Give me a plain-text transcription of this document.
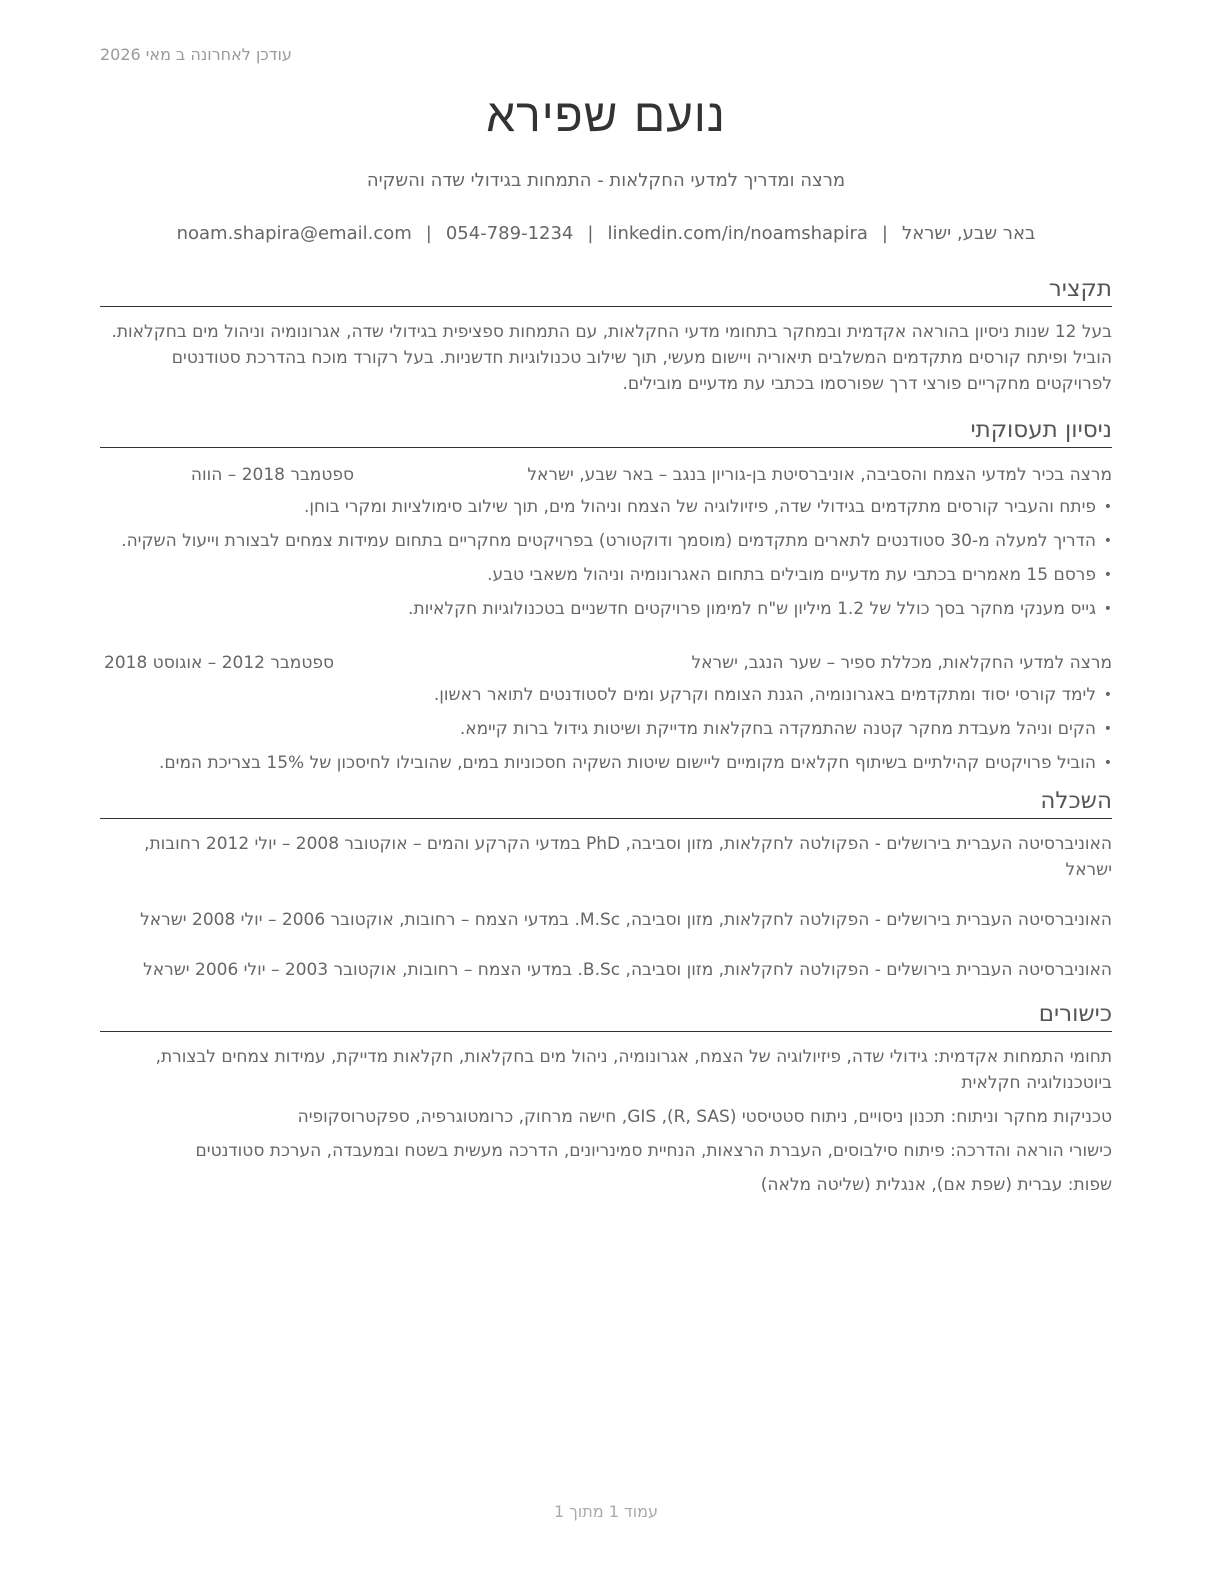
עודכן לאחרונה ב מאי 2026

נועם שפירא

מרצה ומדריך למדעי החקלאות - התמחות בגידולי שדה והשקיה

באר שבע, ישראל|noam.shapira@email.com | 054-789-1234 | linkedin.com/in/noamshapira

תקציר

בעל 12 שנות ניסיון בהוראה אקדמית ובמחקר בתחומי מדעי החקלאות, עם התמחות ספציפית בגידולי שדה, אגרונומיה וניהול מים בחקלאות. הוביל ופיתח קורסים מתקדמים המשלבים תיאוריה ויישום מעשי, תוך שילוב טכנולוגיות חדשניות. בעל רקורד מוכח בהדרכת סטודנטים לפרויקטים מחקריים פורצי דרך שפורסמו בכתבי עת מדעיים מובילים.

ניסיון תעסוקתי
מרצה בכיר למדעי הצמח והסביבה, אוניברסיטת בן-גוריון בנגב – באר שבע, ישראל
ספטמבר 2018 – הווה
• פיתח והעביר קורסים מתקדמים בגידולי שדה, פיזיולוגיה של הצמח וניהול מים, תוך שילוב סימולציות ומקרי בוחן.
• הדריך למעלה מ-30 סטודנטים לתארים מתקדמים (מוסמך ודוקטורט) בפרויקטים מחקריים בתחום עמידות צמחים לבצורת וייעול השקיה.
• פרסם 15 מאמרים בכתבי עת מדעיים מובילים בתחום האגרונומיה וניהול משאבי טבע.
• גייס מענקי מחקר בסך כולל של 1.2 מיליון ש"ח למימון פרויקטים חדשניים בטכנולוגיות חקלאיות.
מרצה למדעי החקלאות, מכללת ספיר – שער הנגב, ישראל
ספטמבר 2012 – אוגוסט 2018
• לימד קורסי יסוד ומתקדמים באגרונומיה, הגנת הצומח וקרקע ומים לסטודנטים לתואר ראשון.
• הקים וניהל מעבדת מחקר קטנה שהתמקדה בחקלאות מדייקת ושיטות גידול ברות קיימא.
• הוביל פרויקטים קהילתיים בשיתוף חקלאים מקומיים ליישום שיטות השקיה חסכוניות במים, שהובילו לחיסכון של 15% בצריכת המים.
השכלה
האוניברסיטה העברית בירושלים - הפקולטה לחקלאות, מזון וסביבה, PhD במדעי הקרקע והמים – אוקטובר 2008 – יולי 2012 רחובות, ישראל
האוניברסיטה העברית בירושלים - הפקולטה לחקלאות, מזון וסביבה, M.Sc. במדעי הצמח – רחובות, אוקטובר 2006 – יולי 2008 ישראל
האוניברסיטה העברית בירושלים - הפקולטה לחקלאות, מזון וסביבה, B.Sc. במדעי הצמח – רחובות, אוקטובר 2003 – יולי 2006 ישראל
כישורים
תחומי התמחות אקדמית: גידולי שדה, פיזיולוגיה של הצמח, אגרונומיה, ניהול מים בחקלאות, חקלאות מדייקת, עמידות צמחים לבצורת, ביוטכנולוגיה חקלאית
טכניקות מחקר וניתוח: תכנון ניסויים, ניתוח סטטיסטי (R, SAS), GIS, חישה מרחוק, כרומטוגרפיה, ספקטרוסקופיה
כישורי הוראה והדרכה: פיתוח סילבוסים, העברת הרצאות, הנחיית סמינריונים, הדרכה מעשית בשטח ובמעבדה, הערכת סטודנטים
שפות: עברית (שפת אם), אנגלית (שליטה מלאה)

עמוד 1 מתוך 1
